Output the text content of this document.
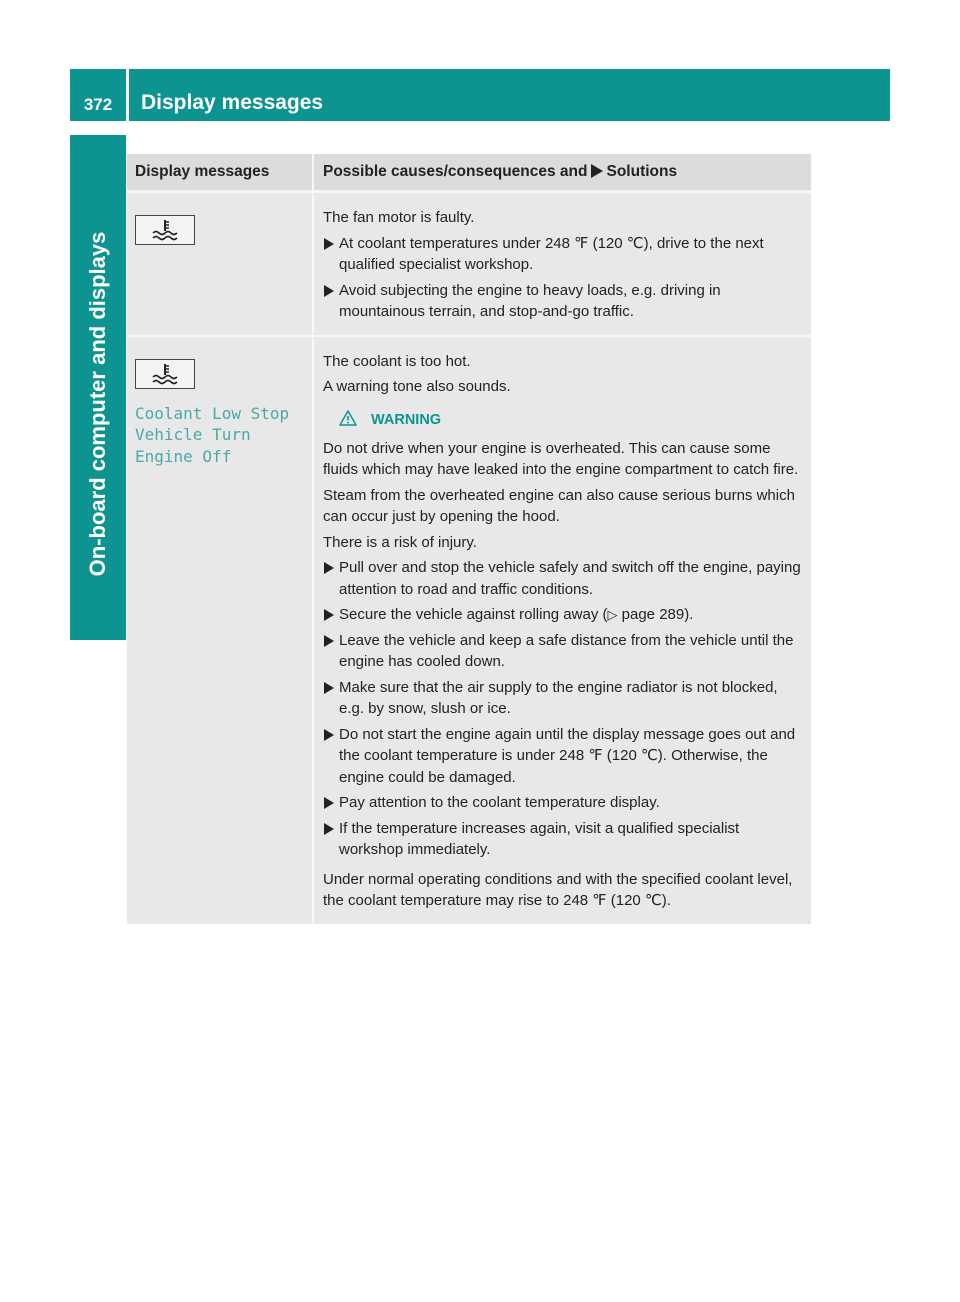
372	Display messages
On-board computer and displays
Display messages	Possible causes/consequences and Solutions

The fan motor is faulty.

At coolant temperatures under 248 ℉ (120 ℃), drive to the next qualified specialist workshop.

Avoid subjecting the engine to heavy loads, e.g. driving in mountainous terrain, and stop-and-go traffic.

Coolant Low Stop
Vehicle Turn
Engine Off

The coolant is too hot.

A warning tone also sounds.

WARNING

Do not drive when your engine is overheated. This can cause some fluids which may have leaked into the engine compartment to catch fire.

Steam from the overheated engine can also cause serious burns which can occur just by opening the hood.

There is a risk of injury.

Pull over and stop the vehicle safely and switch off the engine, paying attention to road and traffic conditions.

Secure the vehicle against rolling away (▷ page 289).

Leave the vehicle and keep a safe distance from the vehicle until the engine has cooled down.

Make sure that the air supply to the engine radiator is not blocked, e.g. by snow, slush or ice.

Do not start the engine again until the display message goes out and the coolant temperature is under 248 ℉ (120 ℃). Otherwise, the engine could be damaged.

Pay attention to the coolant temperature display.

If the temperature increases again, visit a qualified specialist workshop immediately.

Under normal operating conditions and with the specified coolant level, the coolant temperature may rise to 248 ℉ (120 ℃).
